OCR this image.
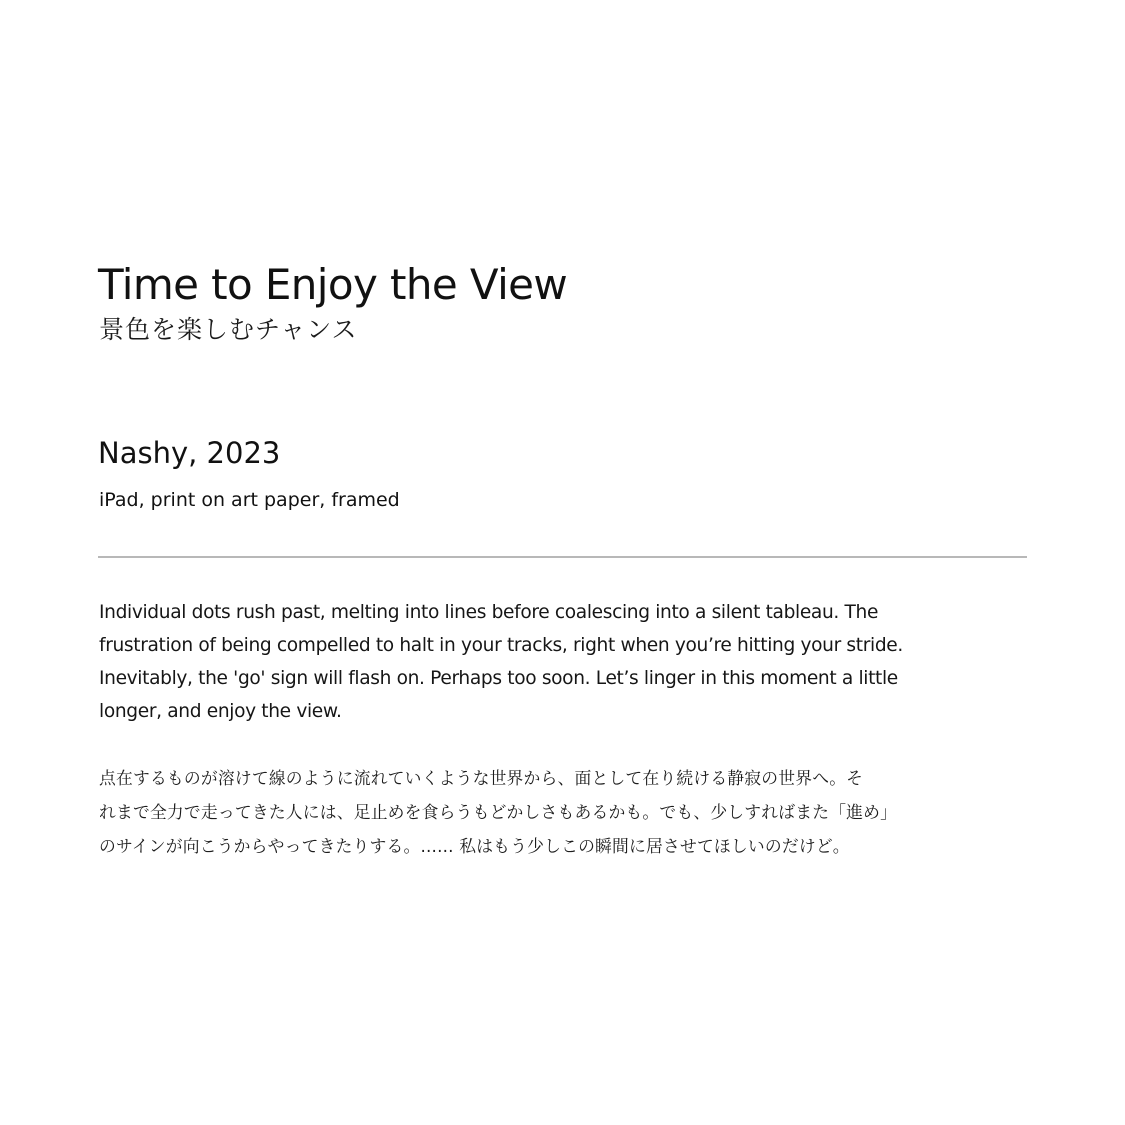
Time to Enjoy the View
景色を楽しむチャンス
Nashy, 2023
iPad, print on art paper, framed
Individual dots rush past, melting into lines before coalescing into a silent tableau. The
frustration of being compelled to halt in your tracks, right when you’re hitting your stride.
Inevitably, the 'go' sign will flash on. Perhaps too soon. Let’s linger in this moment a little
longer, and enjoy the view.
点在するものが溶けて線のように流れていくような世界から、面として在り続ける静寂の世界へ。そ
れまで全力で走ってきた人には、足止めを食らうもどかしさもあるかも。でも、少しすればまた「進め」
のサインが向こうからやってきたりする。...... 私はもう少しこの瞬間に居させてほしいのだけど。
